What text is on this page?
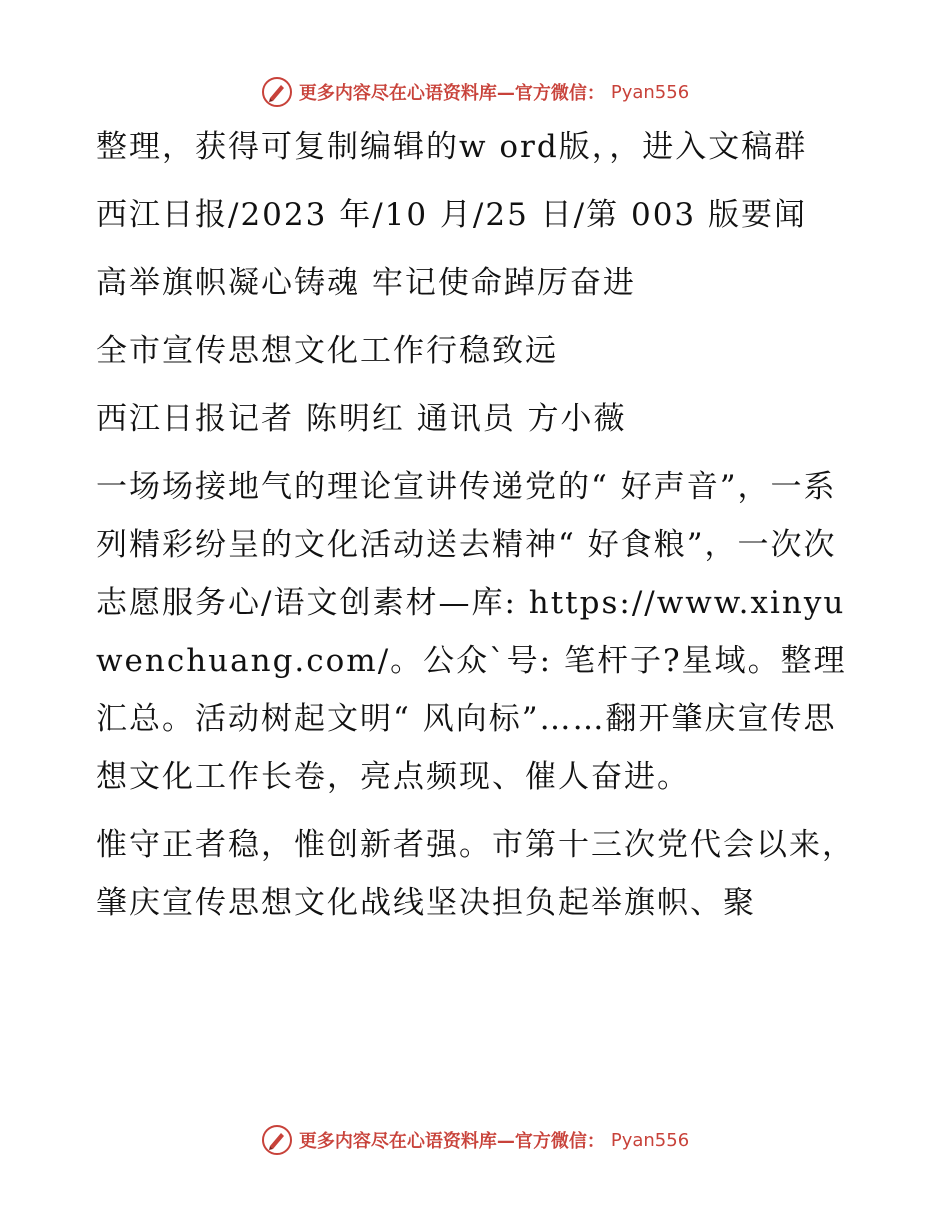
更多内容尽在心语资料库—官方微信： Pyan556

整理，获得可复制编辑的w ord版，，进入文稿群

西江日报/2023 年/10 月/25 日/第 003 版要闻

高举旗帜凝心铸魂 牢记使命踔厉奋进

全市宣传思想文化工作行稳致远

西江日报记者 陈明红 通讯员 方小薇

一场场接地气的理论宣讲传递党的“ 好声音”，一系列精彩纷呈的文化活动送去精神“ 好食粮”，一次次志愿服务心/语文创素材—库: https://www.xinyuwenchuang.com/。公众`号: 笔杆子?星域。整理汇总。活动树起文明“ 风向标”……翻开肇庆宣传思想文化工作长卷，亮点频现、催人奋进。

惟守正者稳，惟创新者强。市第十三次党代会以来，肇庆宣传思想文化战线坚决担负起举旗帜、聚

更多内容尽在心语资料库—官方微信： Pyan556
